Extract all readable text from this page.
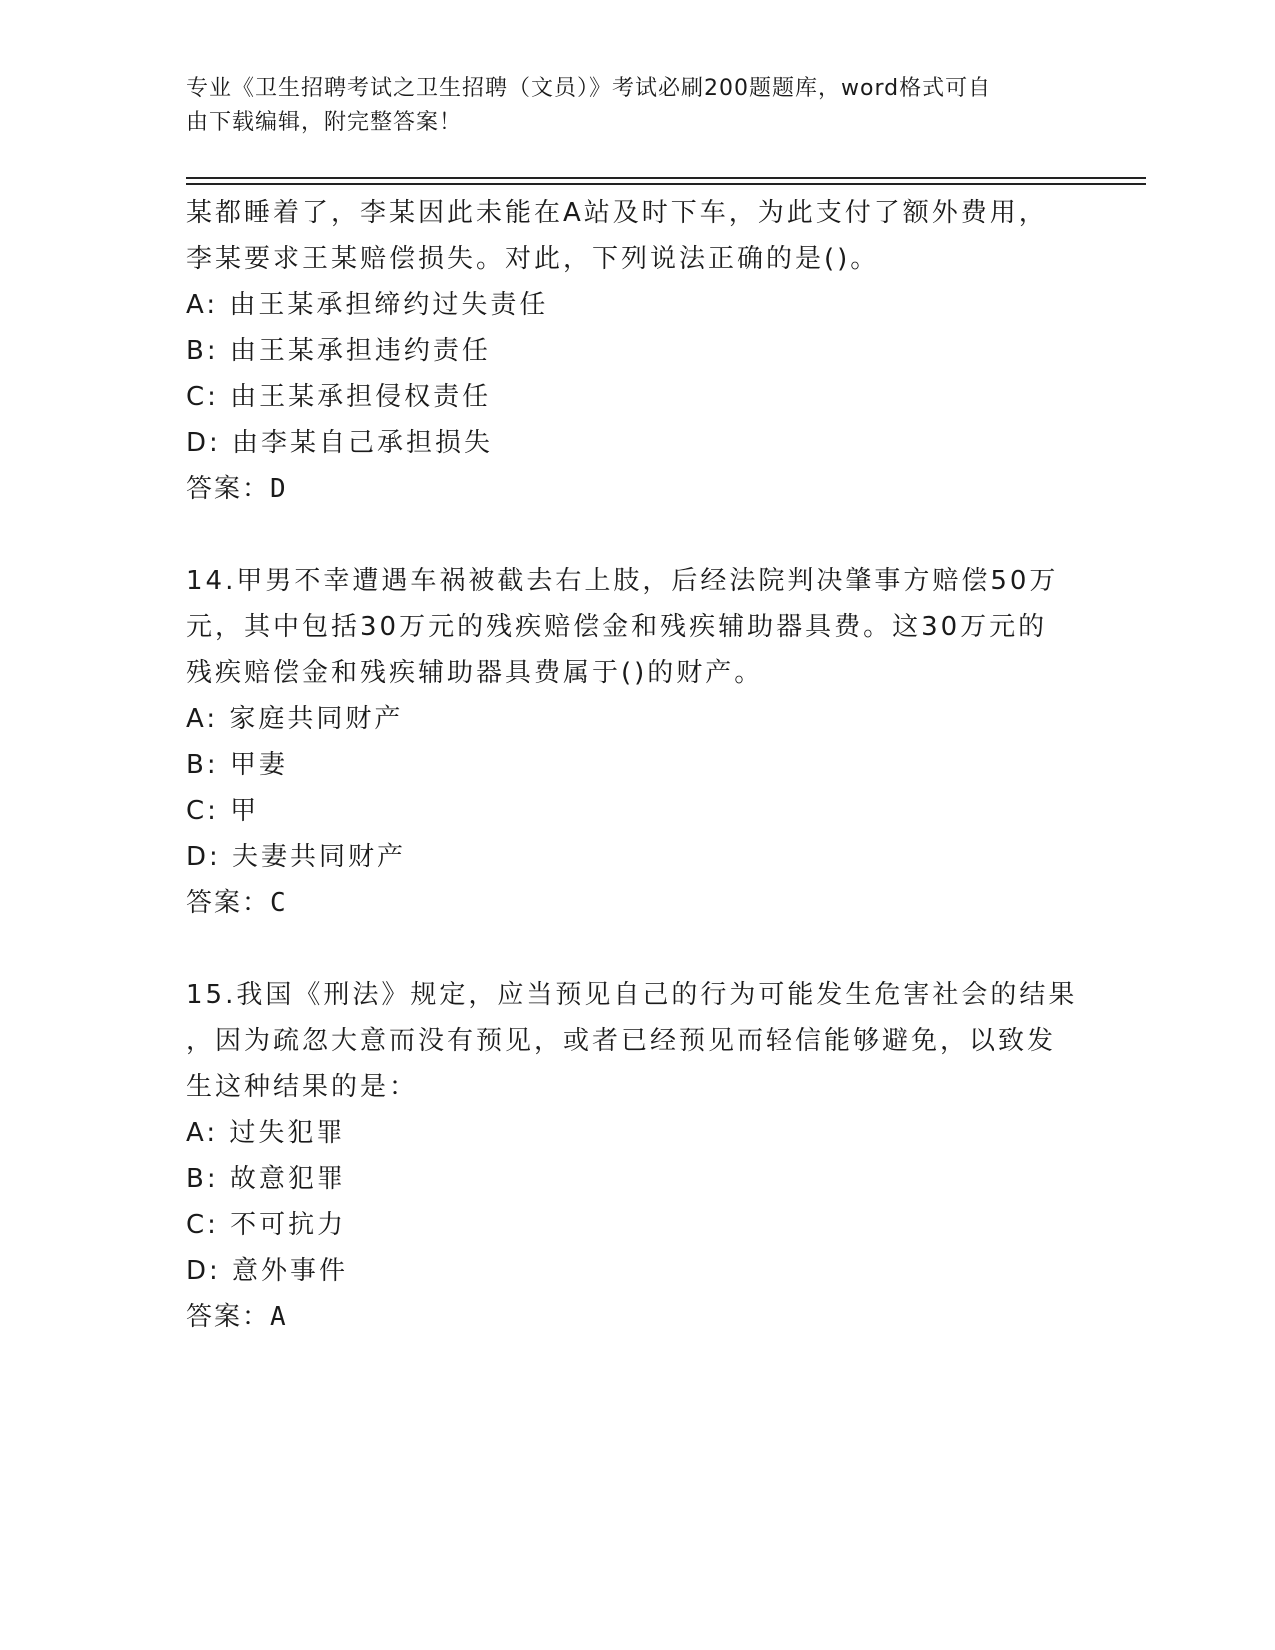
专业《卫生招聘考试之卫生招聘（文员）》考试必刷200题题库，word格式可自
由下载编辑，附完整答案！
某都睡着了，李某因此未能在A站及时下车，为此支付了额外费用，
李某要求王某赔偿损失。对此，下列说法正确的是()。
A: 由王某承担缔约过失责任
B: 由王某承担违约责任
C: 由王某承担侵权责任
D: 由李某自己承担损失
答案：D
14.甲男不幸遭遇车祸被截去右上肢，后经法院判决肇事方赔偿50万
元，其中包括30万元的残疾赔偿金和残疾辅助器具费。这30万元的
残疾赔偿金和残疾辅助器具费属于()的财产。
A: 家庭共同财产
B: 甲妻
C: 甲
D: 夫妻共同财产
答案：C
15.我国《刑法》规定，应当预见自己的行为可能发生危害社会的结果
，因为疏忽大意而没有预见，或者已经预见而轻信能够避免，以致发
生这种结果的是：
A: 过失犯罪
B: 故意犯罪
C: 不可抗力
D: 意外事件
答案：A
